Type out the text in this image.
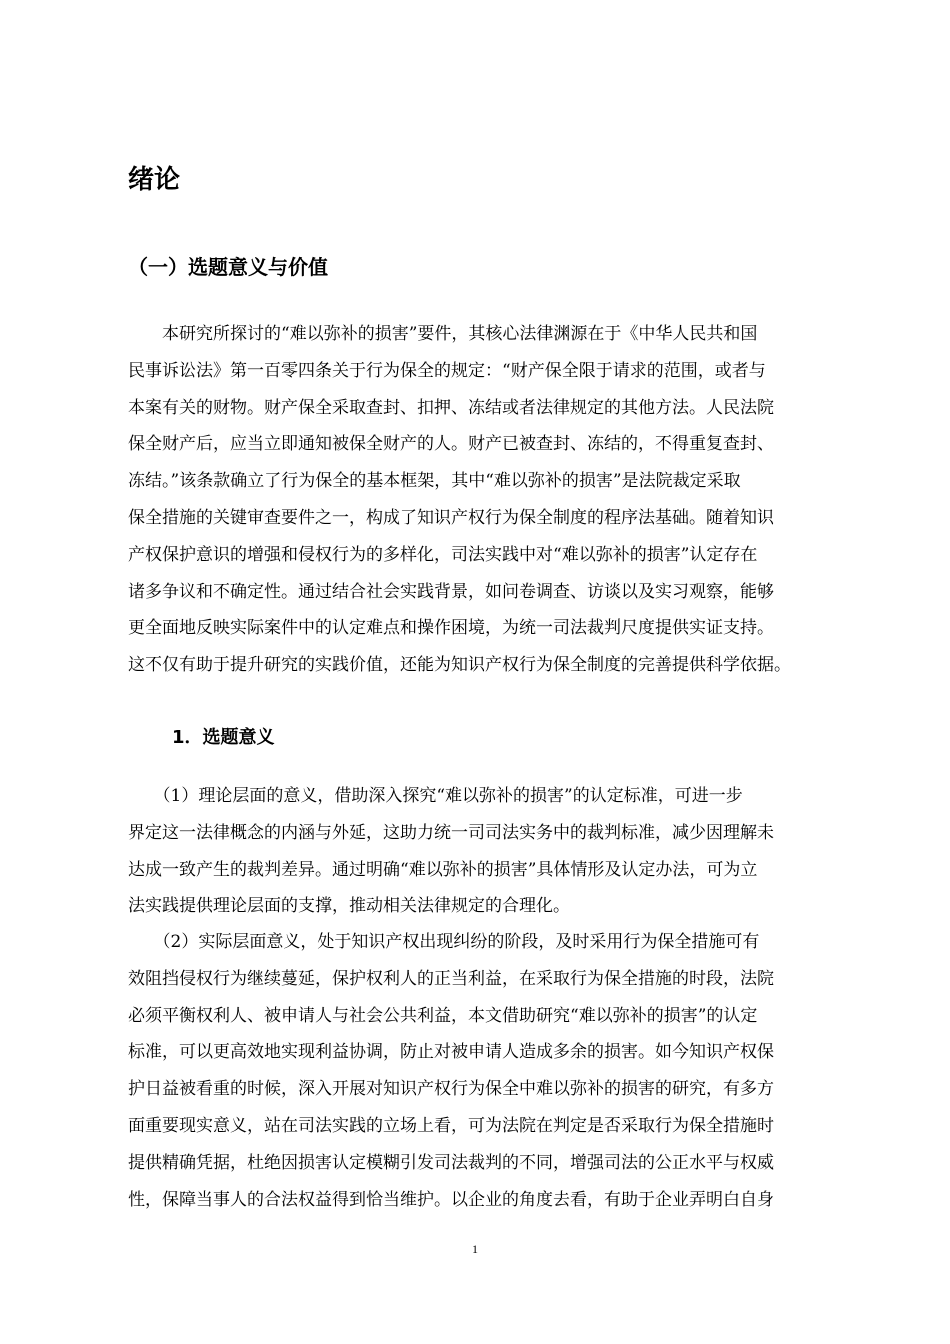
绪论
（一）选题意义与价值

　　本研究所探讨的“难以弥补的损害”要件，其核心法律渊源在于《中华人民共和国
民事诉讼法》第一百零四条关于行为保全的规定：“财产保全限于请求的范围，或者与
本案有关的财物。财产保全采取查封、扣押、冻结或者法律规定的其他方法。人民法院
保全财产后，应当立即通知被保全财产的人。财产已被查封、冻结的，不得重复查封、
冻结。”该条款确立了行为保全的基本框架，其中“难以弥补的损害”是法院裁定采取
保全措施的关键审查要件之一，构成了知识产权行为保全制度的程序法基础。随着知识
产权保护意识的增强和侵权行为的多样化，司法实践中对“难以弥补的损害”认定存在
诸多争议和不确定性。通过结合社会实践背景，如问卷调查、访谈以及实习观察，能够
更全面地反映实际案件中的认定难点和操作困境，为统一司法裁判尺度提供实证支持。
这不仅有助于提升研究的实践价值，还能为知识产权行为保全制度的完善提供科学依据。

1．选题意义

　　（1）理论层面的意义，借助深入探究“难以弥补的损害”的认定标准，可进一步
界定这一法律概念的内涵与外延，这助力统一司司法实务中的裁判标准，减少因理解未
达成一致产生的裁判差异。通过明确“难以弥补的损害”具体情形及认定办法，可为立
法实践提供理论层面的支撑，推动相关法律规定的合理化。

　　（2）实际层面意义，处于知识产权出现纠纷的阶段，及时采用行为保全措施可有
效阻挡侵权行为继续蔓延，保护权利人的正当利益，在采取行为保全措施的时段，法院
必须平衡权利人、被申请人与社会公共利益，本文借助研究“难以弥补的损害”的认定
标准，可以更高效地实现利益协调，防止对被申请人造成多余的损害。如今知识产权保
护日益被看重的时候，深入开展对知识产权行为保全中难以弥补的损害的研究，有多方
面重要现实意义，站在司法实践的立场上看，可为法院在判定是否采取行为保全措施时
提供精确凭据，杜绝因损害认定模糊引发司法裁判的不同，增强司法的公正水平与权威
性，保障当事人的合法权益得到恰当维护。以企业的角度去看，有助于企业弄明白自身

1
